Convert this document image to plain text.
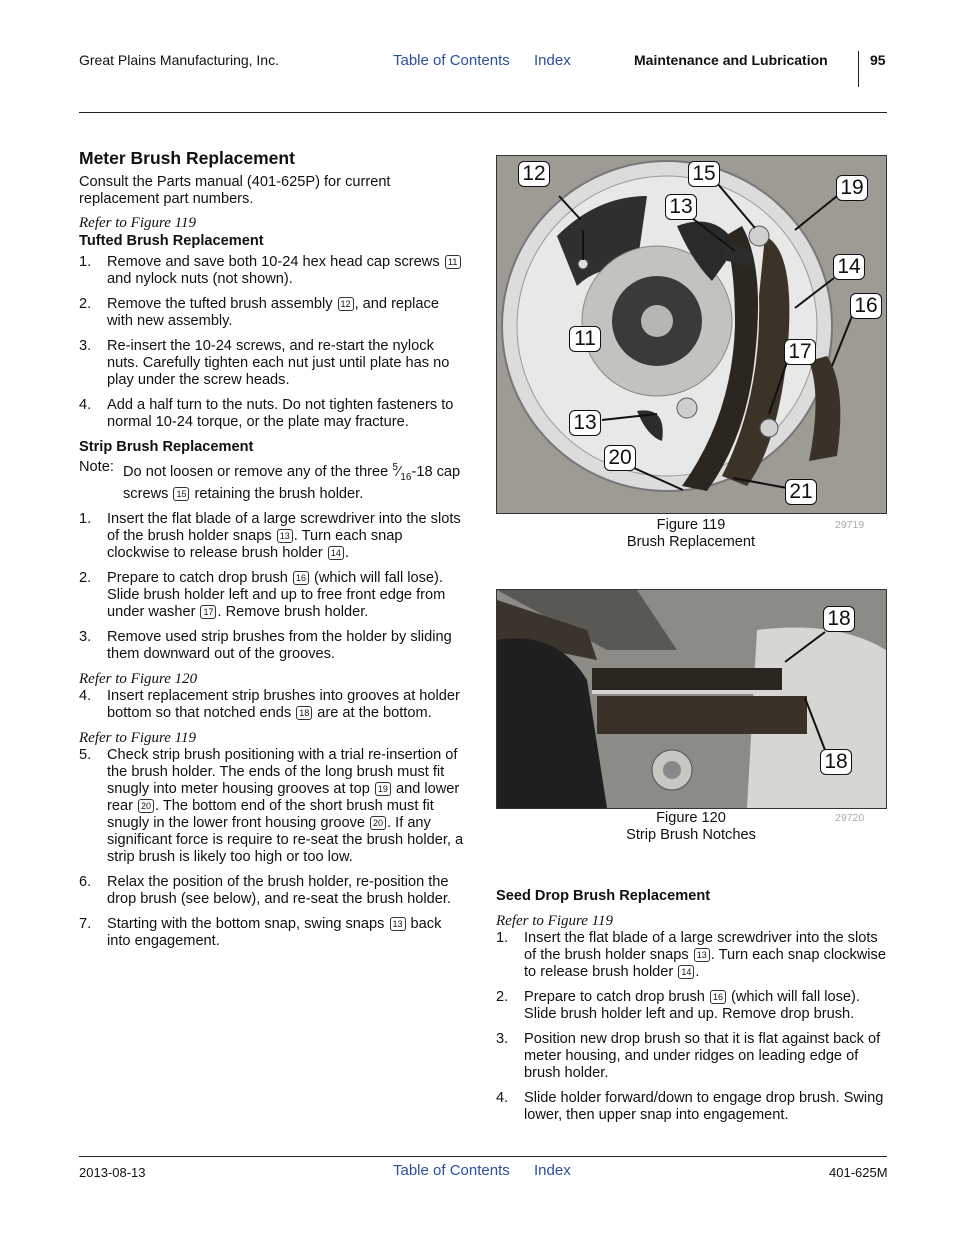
Great Plains Manufacturing, Inc.	Table of Contents Index	Maintenance and Lubrication	95
Meter Brush Replacement
Consult the Parts manual (401-625P) for current replacement part numbers.
Refer to Figure 119
Tufted Brush Replacement
1. Remove and save both 10-24 hex head cap screws 11 and nylock nuts (not shown).
2. Remove the tufted brush assembly 12 , and replace with new assembly.
3. Re-insert the 10-24 screws, and re-start the nylock nuts. Carefully tighten each nut just until plate has no play under the screw heads.
4. Add a half turn to the nuts. Do not tighten fasteners to normal 10-24 torque, or the plate may fracture.
Strip Brush Replacement
Note: Do not loosen or remove any of the three $^5⁄_{16}-18$ cap screws 15 retaining the brush holder.
1. Insert the flat blade of a large screwdriver into the slots of the brush holder snaps 13 . Turn each snap clockwise to release brush holder 14 .
2. Prepare to catch drop brush 16 (which will fall lose). Slide brush holder left and up to free front edge from under washer 17 . Remove brush holder.
3. Remove used strip brushes from the holder by sliding them downward out of the grooves.
Refer to Figure 120
4. Insert replacement strip brushes into grooves at holder bottom so that notched ends 18 are at the bottom.
Refer to Figure 119
5. Check strip brush positioning with a trial re-insertion of the brush holder. The ends of the long brush must fit snugly into meter housing grooves at top 19 and lower rear 20 . The bottom end of the short brush must fit snugly in the lower front housing groove 20 . If any significant force is require to re-seat the brush holder, a strip brush is likely too high or too low.
6. Relax the position of the brush holder, re-position the drop brush (see below), and re-seat the brush holder.
7. Starting with the bottom snap, swing snaps 13 back into engagement.
12	15
19
13
14
16
11
17
13
20
21
Figure 119
Brush Replacement
29719
18
18
Figure 120
Strip Brush Notches
29720
Seed Drop Brush Replacement
Refer to Figure 119
1. Insert the flat blade of a large screwdriver into the slots of the brush holder snaps 13 . Turn each snap clockwise to release brush holder 14 .
2. Prepare to catch drop brush 16 (which will fall lose). Slide brush holder left and up. Remove drop brush.
3. Position new drop brush so that it is flat against back of meter housing, and under ridges on leading edge of brush holder.
4. Slide holder forward/down to engage drop brush. Swing lower, then upper snap into engagement.
2013-08-13	Table of Contents Index	401-625M
